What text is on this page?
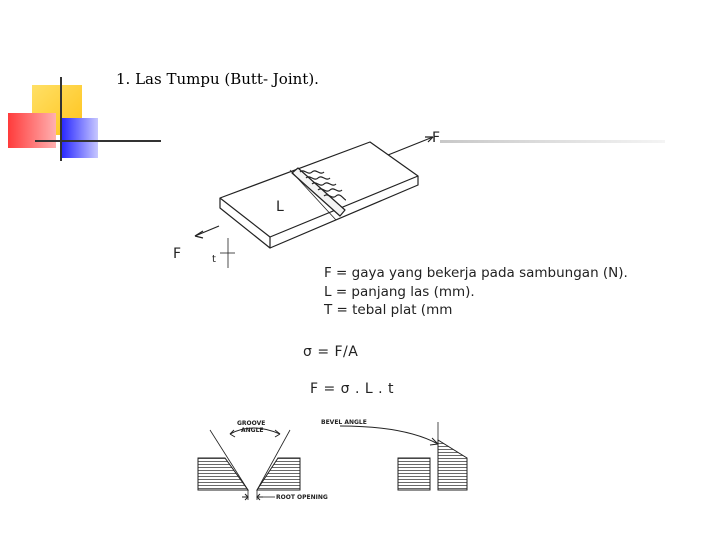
1. Las Tumpu (Butt- Joint).
F
F
L
t
F = gaya yang bekerja pada sambungan (N).
L = panjang las (mm).
T = tebal plat (mm
σ = F/A
F = σ . L . t
GROOVE
ANGLE
BEVEL ANGLE
ROOT OPENING
